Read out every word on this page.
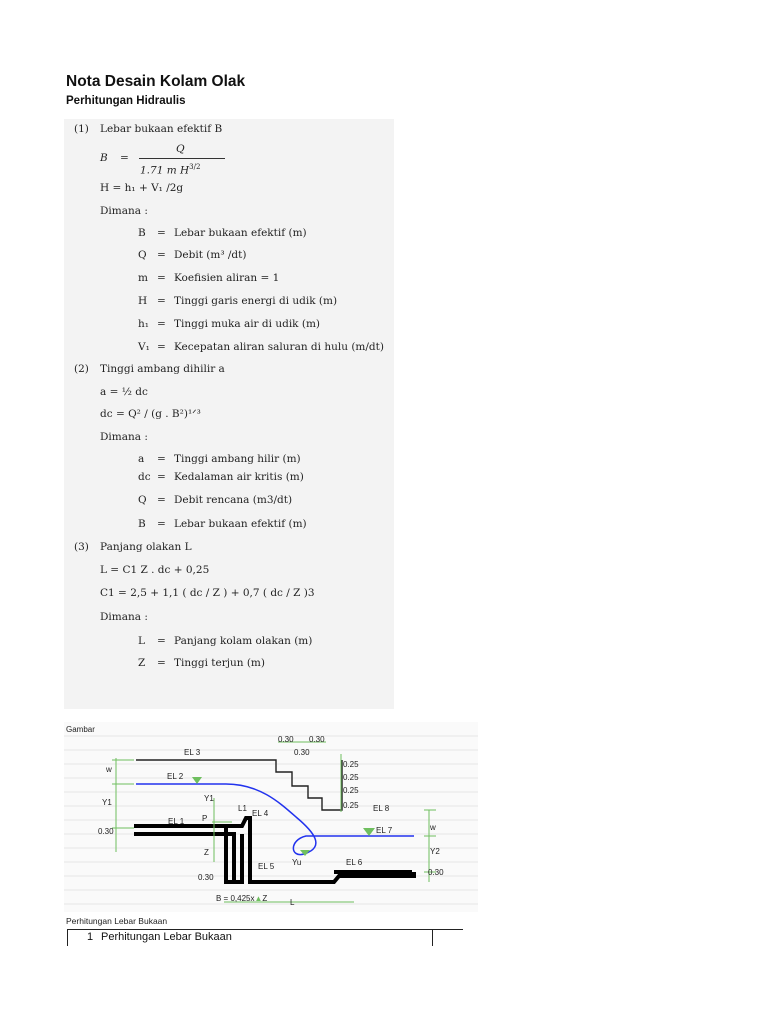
Nota Desain Kolam Olak
Perhitungan Hidraulis
(1) Lebar bukaan efektif B
B =
Q
1.71 m $H^{3/2}$
H = h₁ + V₁ /2g
Dimana :
B = Lebar bukaan efektif (m)
Q = Debit (m³ /dt)
m = Koefisien aliran = 1
H = Tinggi garis energi di udik (m)
h₁ = Tinggi muka air di udik (m)
V₁ = Kecepatan aliran saluran di hulu (m/dt)
(2) Tinggi ambang dihilir a
a = ½ dc
dc = Q² / (g . B²)¹ᐟ³
Dimana :
a = Tinggi ambang hilir (m)
dc = Kedalaman air kritis (m)
Q = Debit rencana (m3/dt)
B = Lebar bukaan efektif (m)
(3) Panjang olakan L
L = C1 Z . dc + 0,25
C1 = 2,5 + 1,1 ( dc / Z ) + 0,7 ( dc / Z )3
Dimana :
L = Panjang kolam olakan (m)
Z = Tinggi terjun (m)
Gambar
EL 3
EL 2
EL 1
EL 4
EL 5	EL 6
EL 7
EL 8
w
Y1	Y1
P
L1
Z
Yu
Y2
w
0.30
0.30
0.30
0.30 0.30
0.30
0.25
0.25
0.25
0.25
B = 0,425x▲Z	L
Perhitungan Lebar Bukaan
1 Perhitungan Lebar Bukaan
